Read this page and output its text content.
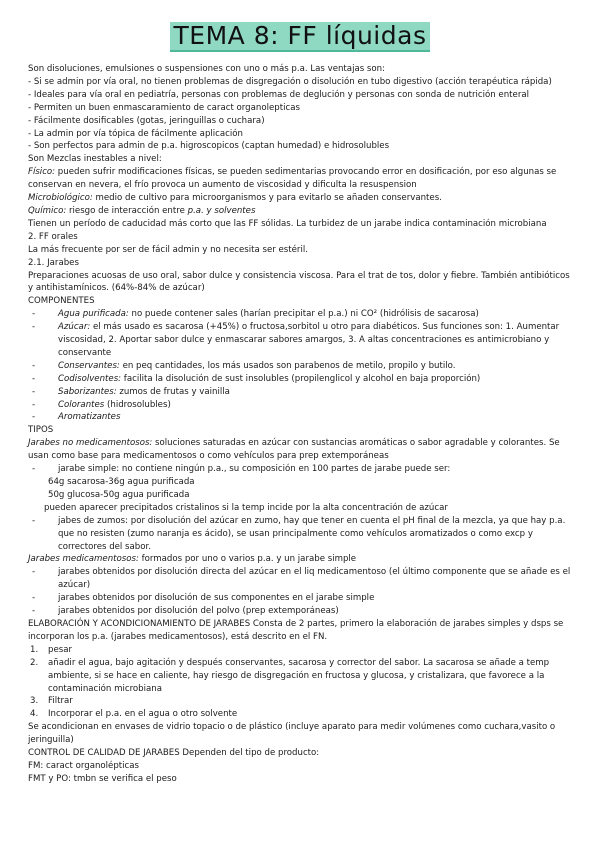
TEMA 8: FF líquidas

Son disoluciones, emulsiones o suspensiones con uno o más p.a. Las ventajas son:

- Si se admin por vía oral, no tienen problemas de disgregación o disolución en tubo digestivo (acción terapéutica rápida)

- Ideales para vía oral en pediatría, personas con problemas de deglución y personas con sonda de nutrición enteral

- Permiten un buen enmascaramiento de caract organolepticas

- Fácilmente dosificables (gotas, jeringuillas o cuchara)

- La admin por vía tópica de fácilmente aplicación

- Son perfectos para admin de p.a. higroscopicos (captan humedad) e hidrosolubles

Son Mezclas inestables a nivel:

Físico: pueden sufrir modificaciones físicas, se pueden sedimentarias provocando error en dosificación, por eso algunas se conservan en nevera, el frío provoca un aumento de viscosidad y dificulta la resuspension

Microbiológico: medio de cultivo para microorganismos y para evitarlo se añaden conservantes.

Químico: riesgo de interacción entre p.a. y solventes

Tienen un período de caducidad más corto que las FF sólidas. La turbidez de un jarabe indica contaminación microbiana

2. FF orales

La más frecuente por ser de fácil admin y no necesita ser estéril.

2.1. Jarabes

Preparaciones acuosas de uso oral, sabor dulce y consistencia viscosa. Para el trat de tos, dolor y fiebre. También antibióticos y antihistamínicos. (64%-84% de azúcar)

COMPONENTES

-	Agua purificada: no puede contener sales (harían precipitar el p.a.) ni CO² (hidrólisis de sacarosa)

-	Azúcar: el más usado es sacarosa (+45%) o fructosa,sorbitol u otro para diabéticos. Sus funciones son: 1. Aumentar viscosidad, 2. Aportar sabor dulce y enmascarar sabores amargos, 3. A altas concentraciones es antimicrobiano y conservante

-	Conservantes: en peq cantidades, los más usados son parabenos de metilo, propilo y butilo.

-	Codisolventes: facilita la disolución de sust insolubles (propilenglicol y alcohol en baja proporción)

-	Saborizantes: zumos de frutas y vainilla

-	Colorantes (hidrosolubles)

-	Aromatizantes

TIPOS

Jarabes no medicamentosos: soluciones saturadas en azúcar con sustancias aromáticas o sabor agradable y colorantes. Se usan como base para medicamentosos o como vehículos para prep extemporáneas

-	jarabe simple: no contiene ningún p.a., su composición en 100 partes de jarabe puede ser:

64g sacarosa-36g agua purificada

50g glucosa-50g agua purificada

pueden aparecer precipitados cristalinos si la temp incide por la alta concentración de azúcar

-	jabes de zumos: por disolución del azúcar en zumo, hay que tener en cuenta el pH final de la mezcla, ya que hay p.a. que no resisten (zumo naranja es ácido), se usan principalmente como vehículos aromatizados o como excp y correctores del sabor.

Jarabes medicamentosos: formados por uno o varios p.a. y un jarabe simple

-	jarabes obtenidos por disolución directa del azúcar en el liq medicamentoso (el último componente que se añade es el azúcar)

-	jarabes obtenidos por disolución de sus componentes en el jarabe simple

-	jarabes obtenidos por disolución del polvo (prep extemporáneas)

ELABORACIÓN Y ACONDICIONAMIENTO DE JARABES Consta de 2 partes, primero la elaboración de jarabes simples y dsps se incorporan los p.a. (jarabes medicamentosos), está descrito en el FN.

1. pesar

2. añadir el agua, bajo agitación y después conservantes, sacarosa y corrector del sabor. La sacarosa se añade a temp ambiente, si se hace en caliente, hay riesgo de disgregación en fructosa y glucosa, y cristalizara, que favorece a la contaminación microbiana

3. Filtrar

4. Incorporar el p.a. en el agua o otro solvente

Se acondicionan en envases de vidrio topacio o de plástico (incluye aparato para medir volúmenes como cuchara,vasito o jeringuilla)

CONTROL DE CALIDAD DE JARABES Dependen del tipo de producto:

FM: caract organolépticas

FMT y PO: tmbn se verifica el peso
